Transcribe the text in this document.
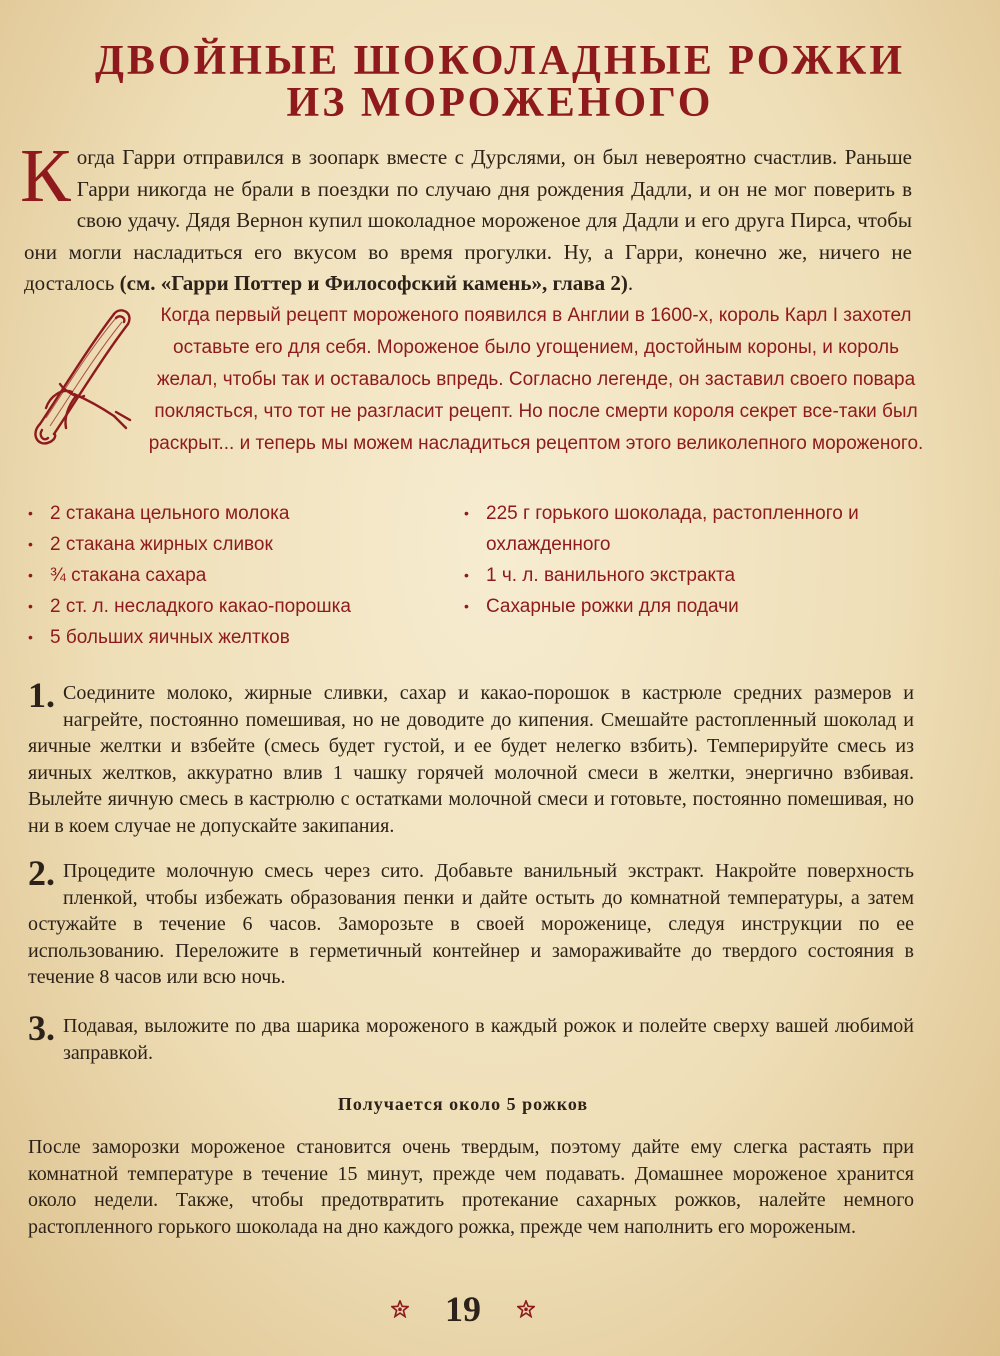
ДВОЙНЫЕ ШОКОЛАДНЫЕ РОЖКИ
ИЗ МОРОЖЕНОГО

Когда Гарри отправился в зоопарк вместе с Дурслями, он был невероятно счастлив. Раньше Гарри никогда не брали в поездки по случаю дня рождения Дадли, и он не мог поверить в свою удачу. Дядя Вернон купил шоколадное мороженое для Дадли и его друга Пирса, чтобы они могли насладиться его вкусом во время прогулки. Ну, а Гарри, конечно же, ничего не досталось (см. «Гарри Поттер и Философский камень», глава 2).

Когда первый рецепт мороженого появился в Англии в 1600-х, король Карл I захотел оставьте его для себя. Мороженое было угощением, достойным короны, и король желал, чтобы так и оставалось впредь. Согласно легенде, он заставил своего повара поклясться, что тот не разгласит рецепт. Но после смерти короля секрет все-таки был раскрыт... и теперь мы можем насладиться рецептом этого великолепного мороженого.

• 2 стакана цельного молока
• 2 стакана жирных сливок
• ¾ стакана сахара
• 2 ст. л. несладкого какао-порошка
• 5 больших яичных желтков
• 225 г горького шоколада, растопленного и охлажденного
• 1 ч. л. ванильного экстракта
• Сахарные рожки для подачи

1. Соедините молоко, жирные сливки, сахар и какао-порошок в кастрюле средних размеров и нагрейте, постоянно помешивая, но не доводите до кипения. Смешайте растопленный шоколад и яичные желтки и взбейте (смесь будет густой, и ее будет нелегко взбить). Темперируйте смесь из яичных желтков, аккуратно влив 1 чашку горячей молочной смеси в желтки, энергично взбивая. Вылейте яичную смесь в кастрюлю с остатками молочной смеси и готовьте, постоянно помешивая, но ни в коем случае не допускайте закипания.

2. Процедите молочную смесь через сито. Добавьте ванильный экстракт. Накройте поверхность пленкой, чтобы избежать образования пенки и дайте остыть до комнатной температуры, а затем остужайте в течение 6 часов. Заморозьте в своей мороженице, следуя инструкции по ее использованию. Переложите в герметичный контейнер и замораживайте до твердого состояния в течение 8 часов или всю ночь.

3. Подавая, выложите по два шарика мороженого в каждый рожок и полейте сверху вашей любимой заправкой.

Получается около 5 рожков

После заморозки мороженое становится очень твердым, поэтому дайте ему слегка растаять при комнатной температуре в течение 15 минут, прежде чем подавать. Домашнее мороженое хранится около недели. Также, чтобы предотвратить протекание сахарных рожков, налейте немного растопленного горького шоколада на дно каждого рожка, прежде чем наполнить его мороженым.

19
